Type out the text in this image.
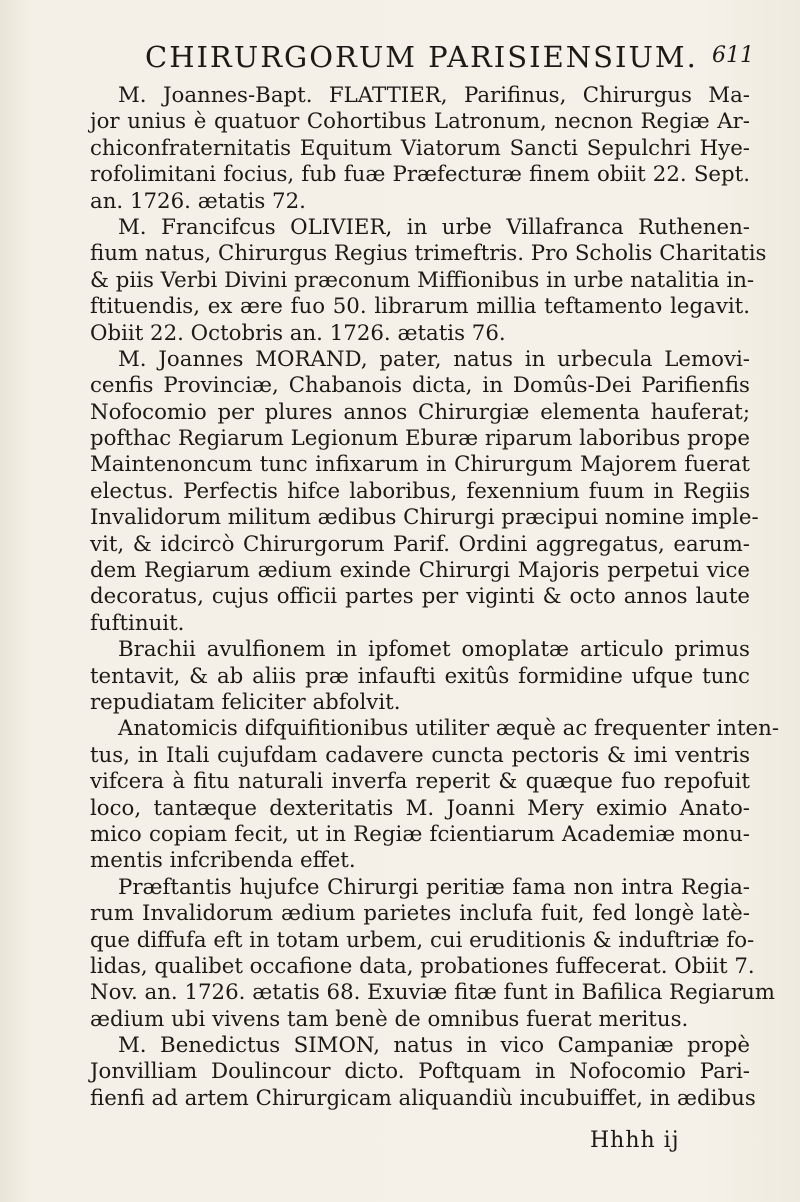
CHIRURGORUM PARISIENSIUM. 611
M. Joannes-Bapt. FLATTIER, Parifinus, Chirurgus Ma-
jor unius è quatuor Cohortibus Latronum, necnon Regiæ Ar-
chiconfraternitatis Equitum Viatorum Sancti Sepulchri Hye-
rofolimitani focius, fub fuæ Præfecturæ finem obiit 22. Sept.
an. 1726. ætatis 72.
M. Francifcus OLIVIER, in urbe Villafranca Ruthenen-
fium natus, Chirurgus Regius trimeftris. Pro Scholis Charitatis
& piis Verbi Divini præconum Miffionibus in urbe natalitia in-
ftituendis, ex ære fuo 50. librarum millia teftamento legavit.
Obiit 22. Octobris an. 1726. ætatis 76.
M. Joannes MORAND, pater, natus in urbecula Lemovi-
cenfis Provinciæ, Chabanois dicta, in Domûs-Dei Parifienfis
Nofocomio per plures annos Chirurgiæ elementa hauferat;
pofthac Regiarum Legionum Eburæ riparum laboribus prope
Maintenoncum tunc infixarum in Chirurgum Majorem fuerat
electus. Perfectis hifce laboribus, fexennium fuum in Regiis
Invalidorum militum ædibus Chirurgi præcipui nomine imple-
vit, & idcircò Chirurgorum Parif. Ordini aggregatus, earum-
dem Regiarum ædium exinde Chirurgi Majoris perpetui vice
decoratus, cujus officii partes per viginti & octo annos laute
fuftinuit.
Brachii avulfionem in ipfomet omoplatæ articulo primus
tentavit, & ab aliis præ infaufti exitûs formidine ufque tunc
repudiatam feliciter abfolvit.
Anatomicis difquifitionibus utiliter æquè ac frequenter inten-
tus, in Itali cujufdam cadavere cuncta pectoris & imi ventris
vifcera à fitu naturali inverfa reperit & quæque fuo repofuit
loco, tantæque dexteritatis M. Joanni Mery eximio Anato-
mico copiam fecit, ut in Regiæ fcientiarum Academiæ monu-
mentis infcribenda effet.
Præftantis hujufce Chirurgi peritiæ fama non intra Regia-
rum Invalidorum ædium parietes inclufa fuit, fed longè latè-
que diffufa eft in totam urbem, cui eruditionis & induftriæ fo-
lidas, qualibet occafione data, probationes fuffecerat. Obiit 7.
Nov. an. 1726. ætatis 68. Exuviæ fitæ funt in Bafilica Regiarum
ædium ubi vivens tam benè de omnibus fuerat meritus.
M. Benedictus SIMON, natus in vico Campaniæ propè
Jonvilliam Doulincour dicto. Poftquam in Nofocomio Pari-
fienfi ad artem Chirurgicam aliquandiù incubuiffet, in ædibus
Hhhh ij
